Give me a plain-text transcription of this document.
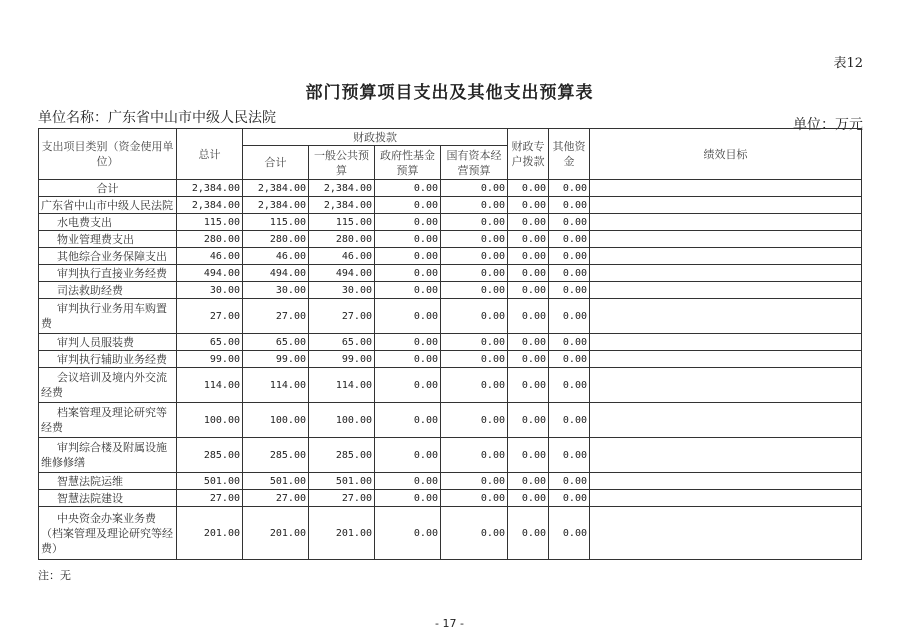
表12
部门预算项目支出及其他支出预算表
单位名称：广东省中山市中级人民法院	单位：万元
支出项目类别（资金使用单位）	总计	财政拨款				财政专户拨款	其他资金	绩效目标
		合计	一般公共预算	政府性基金预算	国有资本经营预算			
合计	2,384.00	2,384.00	2,384.00	0.00	0.00	0.00	0.00	
广东省中山市中级人民法院	2,384.00	2,384.00	2,384.00	0.00	0.00	0.00	0.00	
水电费支出	115.00	115.00	115.00	0.00	0.00	0.00	0.00	
物业管理费支出	280.00	280.00	280.00	0.00	0.00	0.00	0.00	
其他综合业务保障支出	46.00	46.00	46.00	0.00	0.00	0.00	0.00	
审判执行直接业务经费	494.00	494.00	494.00	0.00	0.00	0.00	0.00	
司法救助经费	30.00	30.00	30.00	0.00	0.00	0.00	0.00	
审判执行业务用车购置费	27.00	27.00	27.00	0.00	0.00	0.00	0.00	
审判人员服装费	65.00	65.00	65.00	0.00	0.00	0.00	0.00	
审判执行辅助业务经费	99.00	99.00	99.00	0.00	0.00	0.00	0.00	
会议培训及境内外交流经费	114.00	114.00	114.00	0.00	0.00	0.00	0.00	
档案管理及理论研究等经费	100.00	100.00	100.00	0.00	0.00	0.00	0.00	
审判综合楼及附属设施维修修缮	285.00	285.00	285.00	0.00	0.00	0.00	0.00	
智慧法院运维	501.00	501.00	501.00	0.00	0.00	0.00	0.00	
智慧法院建设	27.00	27.00	27.00	0.00	0.00	0.00	0.00	
中央资金办案业务费（档案管理及理论研究等经费）	201.00	201.00	201.00	0.00	0.00	0.00	0.00	
注：无
- 17 -
